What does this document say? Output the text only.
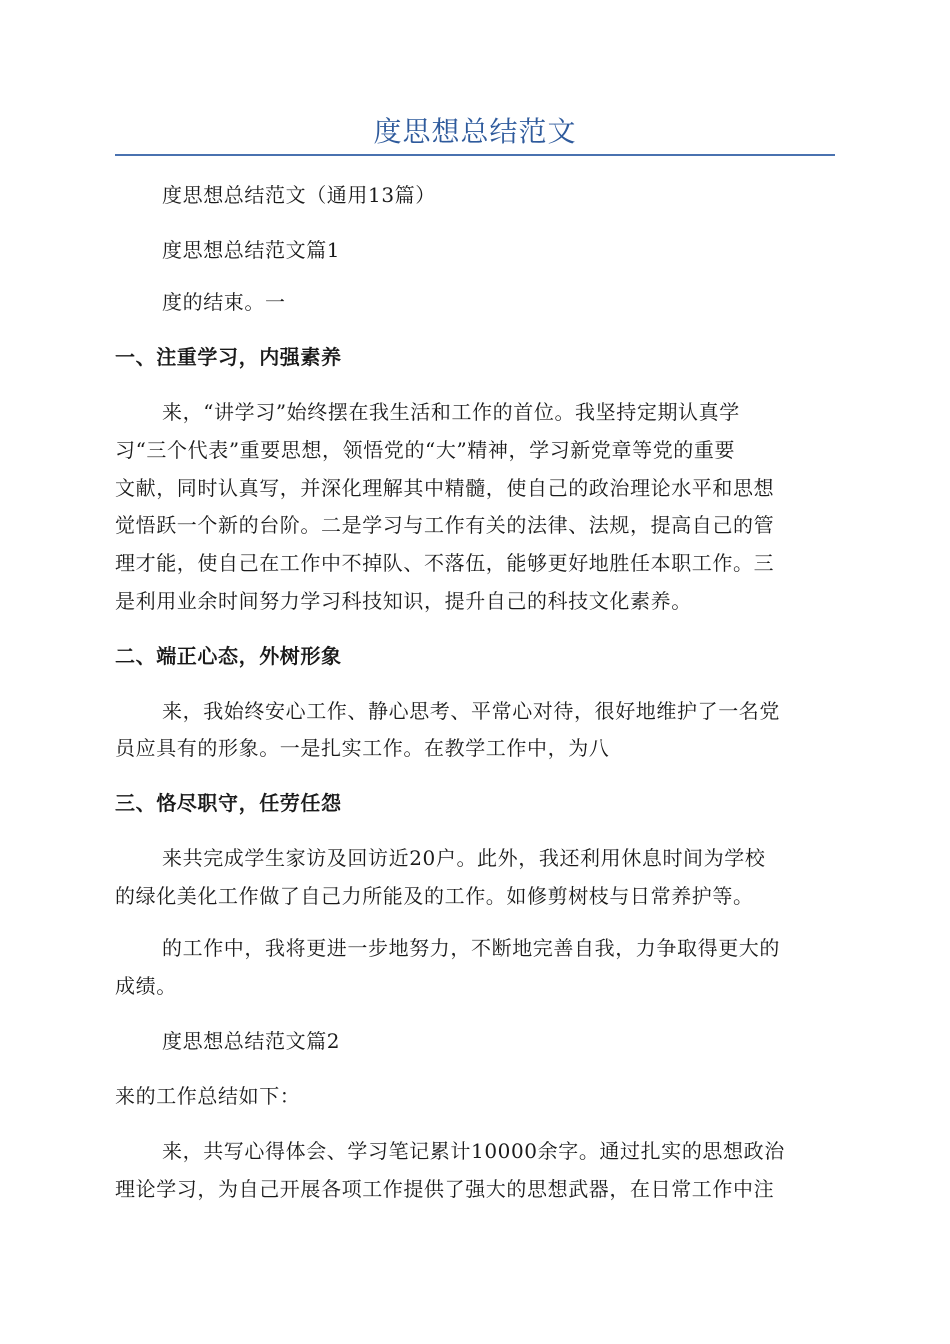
度思想总结范文
度思想总结范文（通用13篇）
度思想总结范文篇1
度的结束。一
一、注重学习，内强素养
来，“讲学习”始终摆在我生活和工作的首位。我坚持定期认真学
习“三个代表”重要思想，领悟党的“大”精神，学习新党章等党的重要
文献，同时认真写，并深化理解其中精髓，使自己的政治理论水平和思想
觉悟跃一个新的台阶。二是学习与工作有关的法律、法规，提高自己的管
理才能，使自己在工作中不掉队、不落伍，能够更好地胜任本职工作。三
是利用业余时间努力学习科技知识，提升自己的科技文化素养。
二、端正心态，外树形象
来，我始终安心工作、静心思考、平常心对待，很好地维护了一名党
员应具有的形象。一是扎实工作。在教学工作中，为八
三、恪尽职守，任劳任怨
来共完成学生家访及回访近20户。此外，我还利用休息时间为学校
的绿化美化工作做了自己力所能及的工作。如修剪树枝与日常养护等。
的工作中，我将更进一步地努力，不断地完善自我，力争取得更大的
成绩。
度思想总结范文篇2
来的工作总结如下：
来，共写心得体会、学习笔记累计10000余字。通过扎实的思想政治
理论学习，为自己开展各项工作提供了强大的思想武器，在日常工作中注
